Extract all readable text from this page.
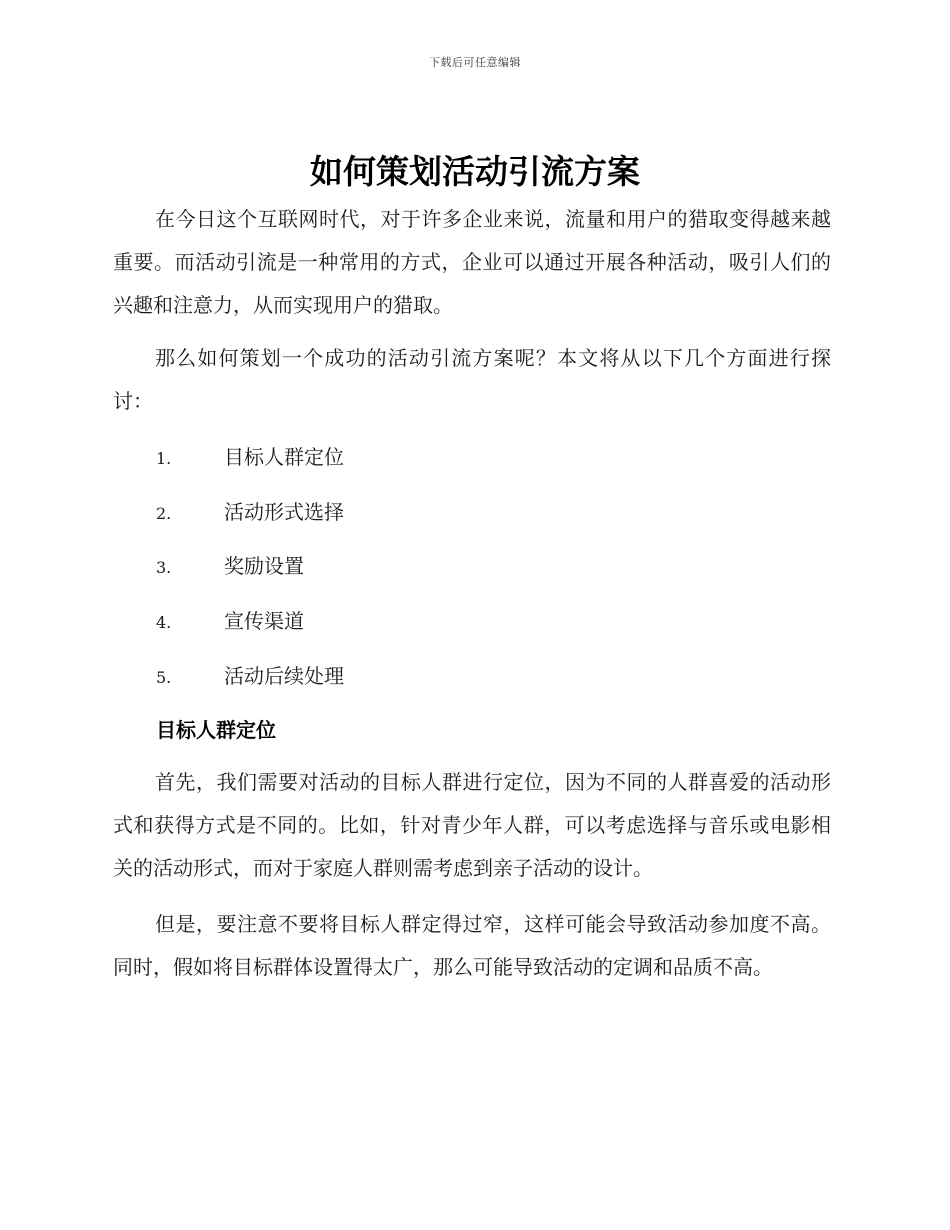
下载后可任意编辑
如何策划活动引流方案

在今日这个互联网时代，对于许多企业来说，流量和用户的猎取变得越来越重要。而活动引流是一种常用的方式，企业可以通过开展各种活动，吸引人们的兴趣和注意力，从而实现用户的猎取。

那么如何策划一个成功的活动引流方案呢？本文将从以下几个方面进行探讨：

1.	目标人群定位
2.	活动形式选择
3.	奖励设置
4.	宣传渠道
5.	活动后续处理
目标人群定位

首先，我们需要对活动的目标人群进行定位，因为不同的人群喜爱的活动形式和获得方式是不同的。比如，针对青少年人群，可以考虑选择与音乐或电影相关的活动形式，而对于家庭人群则需考虑到亲子活动的设计。

但是，要注意不要将目标人群定得过窄，这样可能会导致活动参加度不高。同时，假如将目标群体设置得太广，那么可能导致活动的定调和品质不高。
